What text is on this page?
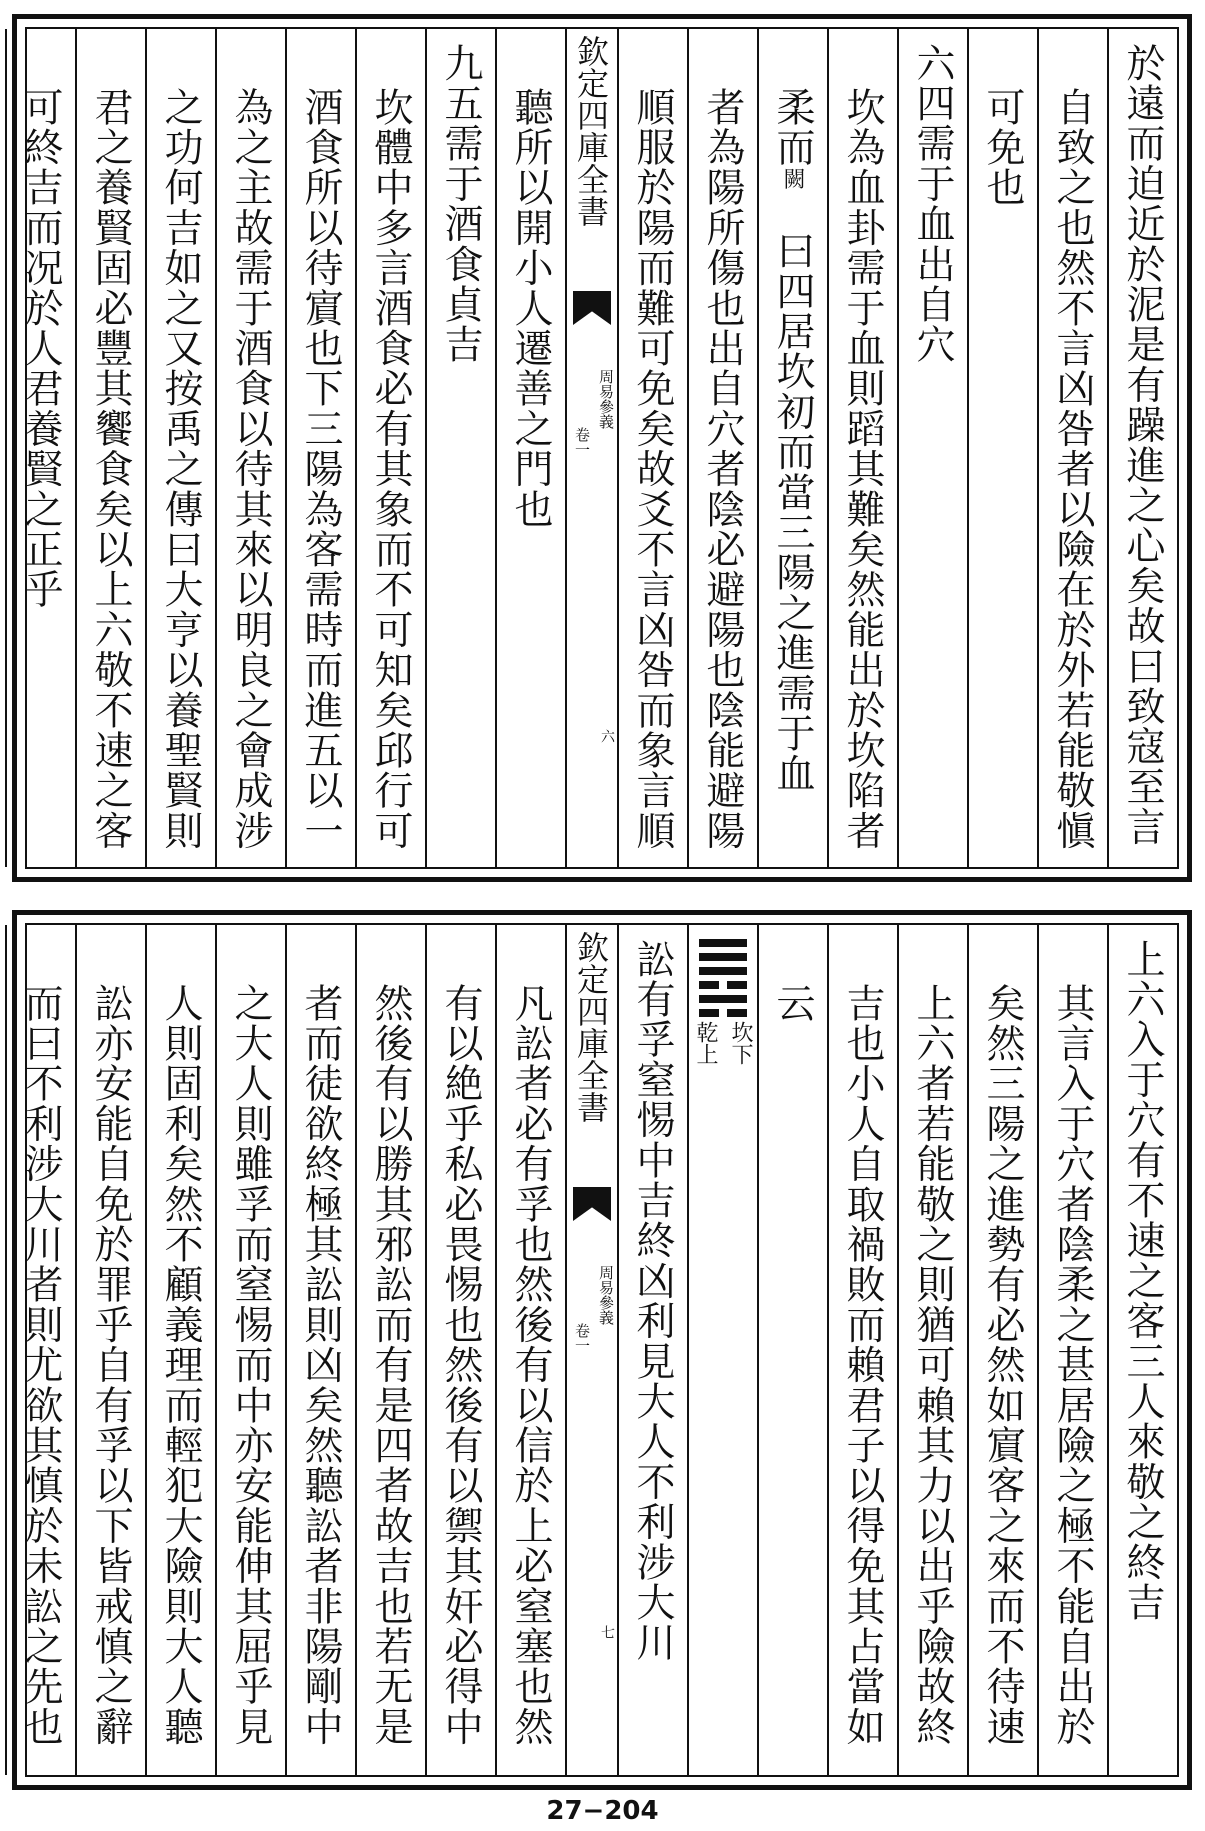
於遠而迫近於泥是有躁進之心矣故曰致寇至言
自致之也然不言凶咎者以險在於外若能敬愼
可免也
六四需于血出自穴
坎為血卦需于血則蹈其難矣然能出於坎陷者
柔而闕　曰四居坎初而當三陽之進需于血
者為陽所傷也出自穴者陰必避陽也陰能避陽
順服於陽而難可免矣故爻不言凶咎而象言順
欽定四庫全書
周易參義
卷一
六
聽所以開小人遷善之門也
九五需于酒食貞吉
坎體中多言酒食必有其象而不可知矣邱行可
酒食所以待賔也下三陽為客需時而進五以一
為之主故需于酒食以待其來以明良之會成涉
之功何吉如之又按禹之傳曰大亨以養聖賢則
君之養賢固必豐其饗食矣以上六敬不速之客
可終吉而况於人君養賢之正乎
上六入于穴有不速之客三人來敬之終吉
其言入于穴者陰柔之甚居險之極不能自出於
矣然三陽之進勢有必然如賔客之來而不待速
上六者若能敬之則猶可賴其力以出乎險故終
吉也小人自取禍敗而賴君子以得免其占當如
云
坎下
乾上
訟有孚窒惕中吉終凶利見大人不利涉大川
欽定四庫全書
周易參義
卷一
七
凡訟者必有孚也然後有以信於上必窒塞也然
有以絶乎私必畏惕也然後有以禦其奸必得中
然後有以勝其邪訟而有是四者故吉也若无是
者而徒欲終極其訟則凶矣然聽訟者非陽剛中
之大人則雖孚而窒惕而中亦安能伸其屈乎見
人則固利矣然不顧義理而輕犯大險則大人聽
訟亦安能自免於罪乎自有孚以下皆戒慎之辭
而曰不利涉大川者則尤欲其慎於未訟之先也
27−204
